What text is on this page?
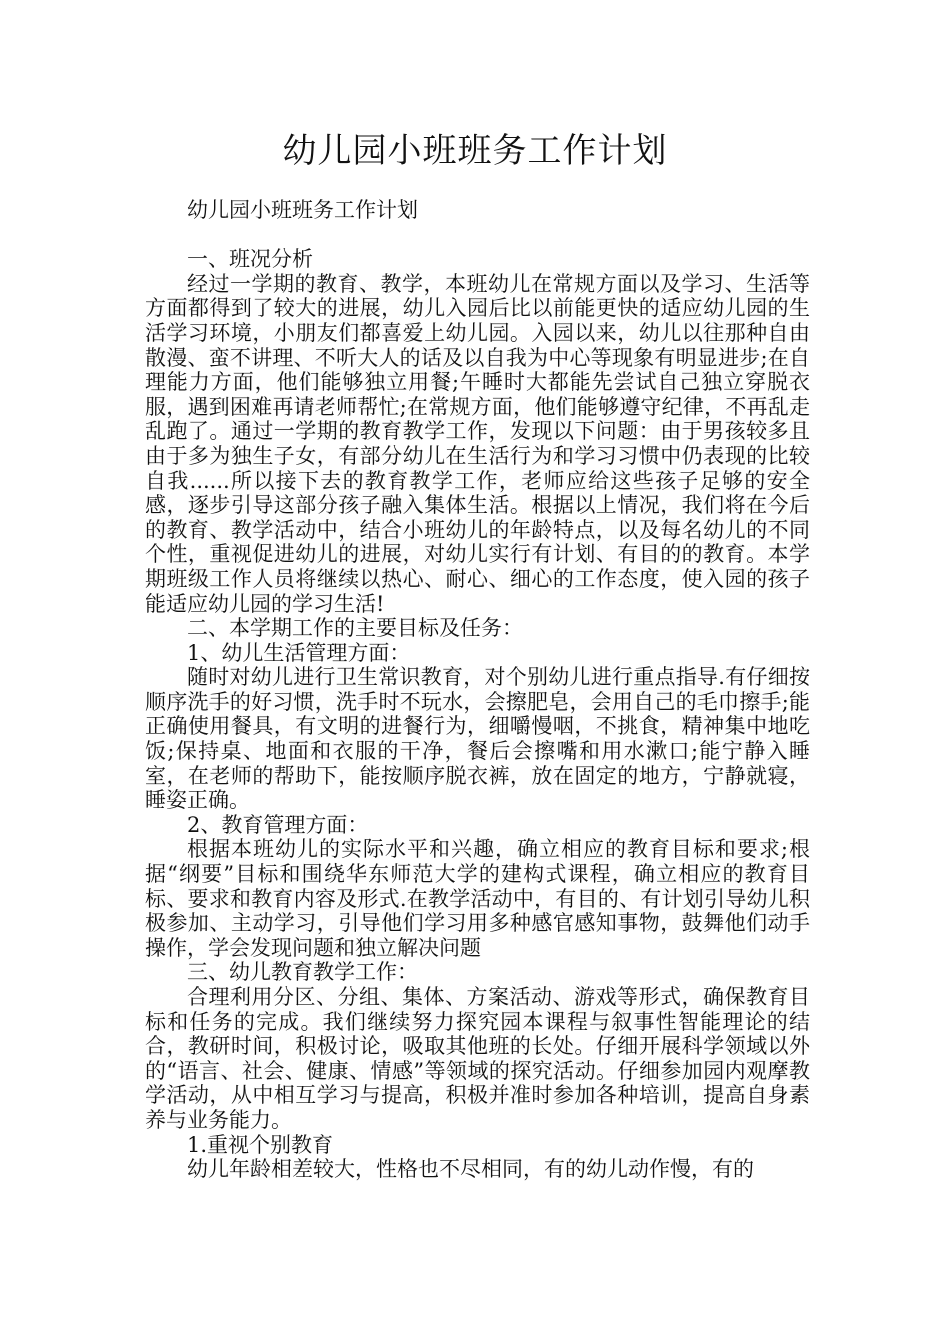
幼儿园小班班务工作计划

幼儿园小班班务工作计划

一、班况分析

经过一学期的教育、教学，本班幼儿在常规方面以及学习、生活等方面都得到了较大的进展，幼儿入园后比以前能更快的适应幼儿园的生活学习环境，小朋友们都喜爱上幼儿园。入园以来，幼儿以往那种自由散漫、蛮不讲理、不听大人的话及以自我为中心等现象有明显进步;在自理能力方面，他们能够独立用餐;午睡时大都能先尝试自己独立穿脱衣服，遇到困难再请老师帮忙;在常规方面，他们能够遵守纪律，不再乱走乱跑了。通过一学期的教育教学工作，发现以下问题：由于男孩较多且由于多为独生子女，有部分幼儿在生活行为和学习习惯中仍表现的比较自我......所以接下去的教育教学工作，老师应给这些孩子足够的安全感，逐步引导这部分孩子融入集体生活。根据以上情况，我们将在今后的教育、教学活动中，结合小班幼儿的年龄特点，以及每名幼儿的不同个性，重视促进幼儿的进展，对幼儿实行有计划、有目的的教育。本学期班级工作人员将继续以热心、耐心、细心的工作态度，使入园的孩子能适应幼儿园的学习生活!

二、本学期工作的主要目标及任务：

1、幼儿生活管理方面：

随时对幼儿进行卫生常识教育，对个别幼儿进行重点指导.有仔细按顺序洗手的好习惯，洗手时不玩水，会擦肥皂，会用自己的毛巾擦手;能正确使用餐具，有文明的进餐行为，细嚼慢咽，不挑食，精神集中地吃饭;保持桌、地面和衣服的干净，餐后会擦嘴和用水漱口;能宁静入睡室，在老师的帮助下，能按顺序脱衣裤，放在固定的地方，宁静就寝，睡姿正确。

2、教育管理方面：

根据本班幼儿的实际水平和兴趣，确立相应的教育目标和要求;根据“纲要”目标和围绕华东师范大学的建构式课程，确立相应的教育目标、要求和教育内容及形式.在教学活动中，有目的、有计划引导幼儿积极参加、主动学习，引导他们学习用多种感官感知事物，鼓舞他们动手操作，学会发现问题和独立解决问题

三、幼儿教育教学工作：

合理利用分区、分组、集体、方案活动、游戏等形式，确保教育目标和任务的完成。我们继续努力探究园本课程与叙事性智能理论的结合，教研时间，积极讨论，吸取其他班的长处。仔细开展科学领域以外的“语言、社会、健康、情感”等领域的探究活动。仔细参加园内观摩教学活动，从中相互学习与提高，积极并准时参加各种培训，提高自身素养与业务能力。

1.重视个别教育

幼儿年龄相差较大，性格也不尽相同，有的幼儿动作慢，有的
